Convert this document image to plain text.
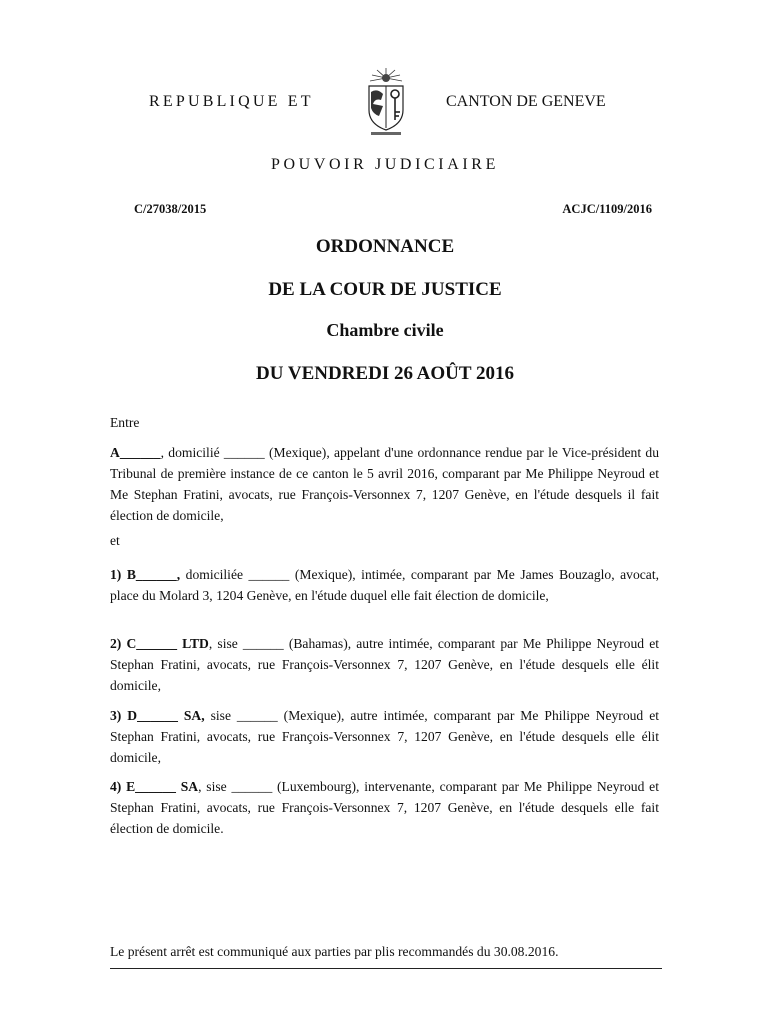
REPUBLIQUE ET	CANTON DE GENEVE
POUVOIR JUDICIAIRE
C/27038/2015	ACJC/1109/2016
ORDONNANCE
DE LA COUR DE JUSTICE
Chambre civile
DU VENDREDI 26 AOÛT 2016
Entre
A______, domicilié ______ (Mexique), appelant d'une ordonnance rendue par le Vice-président du Tribunal de première instance de ce canton le 5 avril 2016, comparant par Me Philippe Neyroud et Me Stephan Fratini, avocats, rue François-Versonnex 7, 1207 Genève, en l'étude desquels il fait élection de domicile,
et
1) B______, domiciliée ______ (Mexique), intimée, comparant par Me James Bouzaglo, avocat, place du Molard 3, 1204 Genève, en l'étude duquel elle fait élection de domicile,
2) C______ LTD, sise ______ (Bahamas), autre intimée, comparant par Me Philippe Neyroud et Stephan Fratini, avocats, rue François-Versonnex 7, 1207 Genève, en l'étude desquels elle élit domicile,
3) D______ SA, sise ______ (Mexique), autre intimée, comparant par Me Philippe Neyroud et Stephan Fratini, avocats, rue François-Versonnex 7, 1207 Genève, en l'étude desquels elle élit domicile,
4) E______ SA, sise ______ (Luxembourg), intervenante, comparant par Me Philippe Neyroud et Stephan Fratini, avocats, rue François-Versonnex 7, 1207 Genève, en l'étude desquels elle fait élection de domicile.
Le présent arrêt est communiqué aux parties par plis recommandés du 30.08.2016.
